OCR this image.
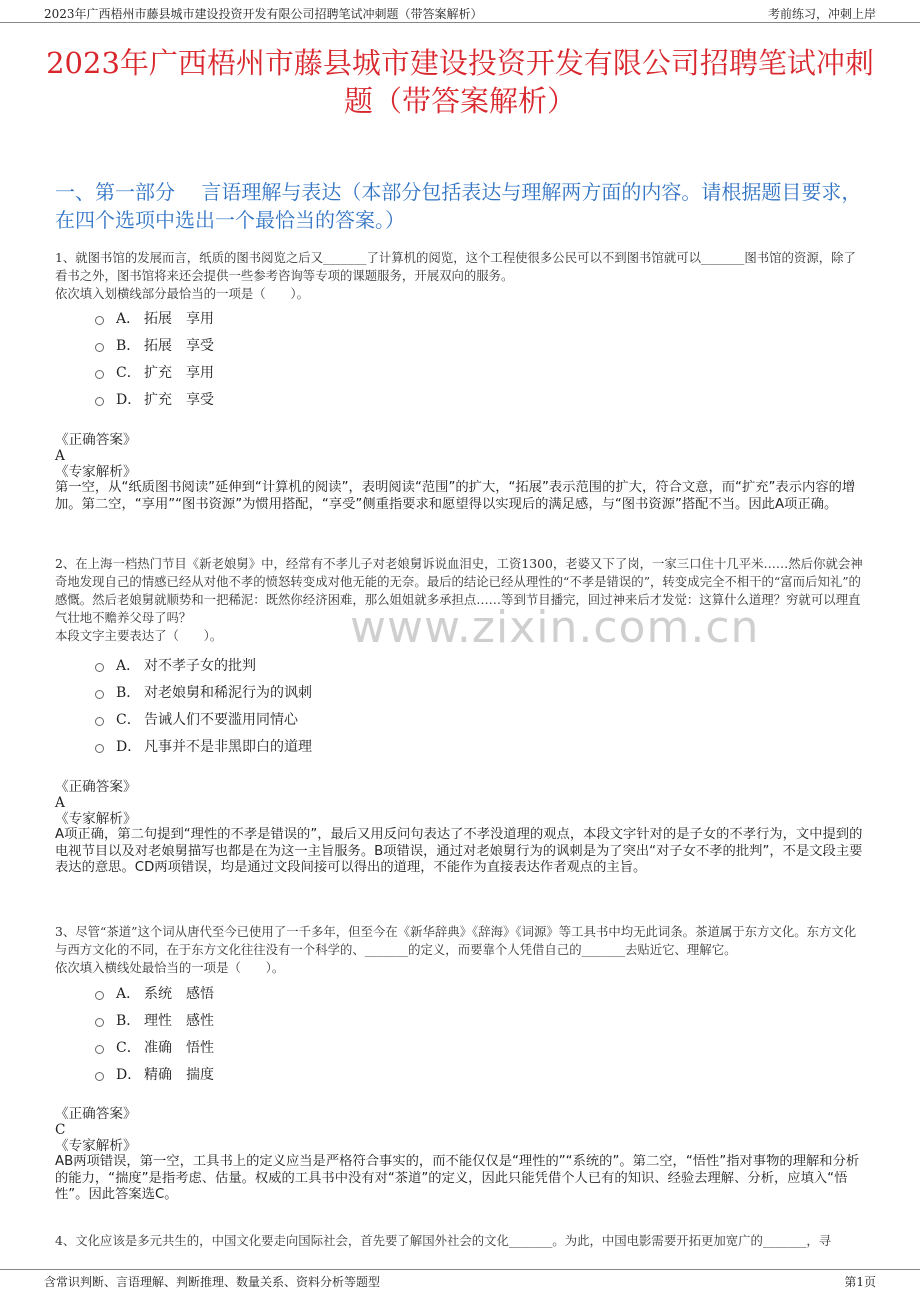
2023年广西梧州市藤县城市建设投资开发有限公司招聘笔试冲刺题（带答案解析）	考前练习，冲刺上岸
2023年广西梧州市藤县城市建设投资开发有限公司招聘笔试冲刺题（带答案解析）
一、第一部分　 言语理解与表达（本部分包括表达与理解两方面的内容。请根据题目要求，在四个选项中选出一个最恰当的答案。）
www.zixin.com.cn

1、就图书馆的发展而言，纸质的图书阅览之后又_______了计算机的阅览，这个工程使很多公民可以不到图书馆就可以_______图书馆的资源，除了看书之外，图书馆将来还会提供一些参考咨询等专项的课题服务，开展双向的服务。

依次填入划横线部分最恰当的一项是（　　）。

A． 拓展　享用
B． 拓展　享受
C． 扩充　享用
D． 扩充　享受

《正确答案》

A

《专家解析》

第一空，从“纸质图书阅读”延伸到“计算机的阅读”，表明阅读“范围”的扩大，“拓展”表示范围的扩大，符合文意，而“扩充”表示内容的增加。第二空，“享用”“图书资源”为惯用搭配，“享受”侧重指要求和愿望得以实现后的满足感，与“图书资源”搭配不当。因此A项正确。

2、在上海一档热门节目《新老娘舅》中，经常有不孝儿子对老娘舅诉说血泪史，工资1300，老婆又下了岗，一家三口住十几平米……然后你就会神奇地发现自己的情感已经从对他不孝的愤怒转变成对他无能的无奈。最后的结论已经从理性的“不孝是错误的”，转变成完全不相干的“富而后知礼”的感慨。然后老娘舅就顺势和一把稀泥：既然你经济困难，那么姐姐就多承担点……等到节目播完，回过神来后才发觉：这算什么道理？穷就可以理直气壮地不赡养父母了吗？

本段文字主要表达了（　　）。

A． 对不孝子女的批判
B． 对老娘舅和稀泥行为的讽刺
C． 告诫人们不要滥用同情心
D． 凡事并不是非黑即白的道理

《正确答案》

A

《专家解析》

A项正确，第二句提到“理性的不孝是错误的”，最后又用反问句表达了不孝没道理的观点，本段文字针对的是子女的不孝行为，文中提到的电视节目以及对老娘舅描写也都是在为这一主旨服务。B项错误，通过对老娘舅行为的讽刺是为了突出“对子女不孝的批判”，不是文段主要表达的意思。CD两项错误，均是通过文段间接可以得出的道理，不能作为直接表达作者观点的主旨。

3、尽管“茶道”这个词从唐代至今已使用了一千多年，但至今在《新华辞典》《辞海》《词源》等工具书中均无此词条。茶道属于东方文化。东方文化与西方文化的不同，在于东方文化往往没有一个科学的、_______的定义，而要靠个人凭借自己的_______去贴近它、理解它。

依次填入横线处最恰当的一项是（　　）。

A． 系统　感悟
B． 理性　感性
C． 准确　悟性
D． 精确　揣度

《正确答案》

C

《专家解析》

AB两项错误，第一空，工具书上的定义应当是严格符合事实的，而不能仅仅是“理性的”“系统的”。第二空，“悟性”指对事物的理解和分析的能力，“揣度”是指考虑、估量。权威的工具书中没有对“茶道”的定义，因此只能凭借个人已有的知识、经验去理解、分析，应填入“悟性”。因此答案选C。

4、文化应该是多元共生的，中国文化要走向国际社会，首先要了解国外社会的文化_______。为此，中国电影需要开拓更加宽广的_______，寻

含常识判断、言语理解、判断推理、数量关系、资料分析等题型	第1页
